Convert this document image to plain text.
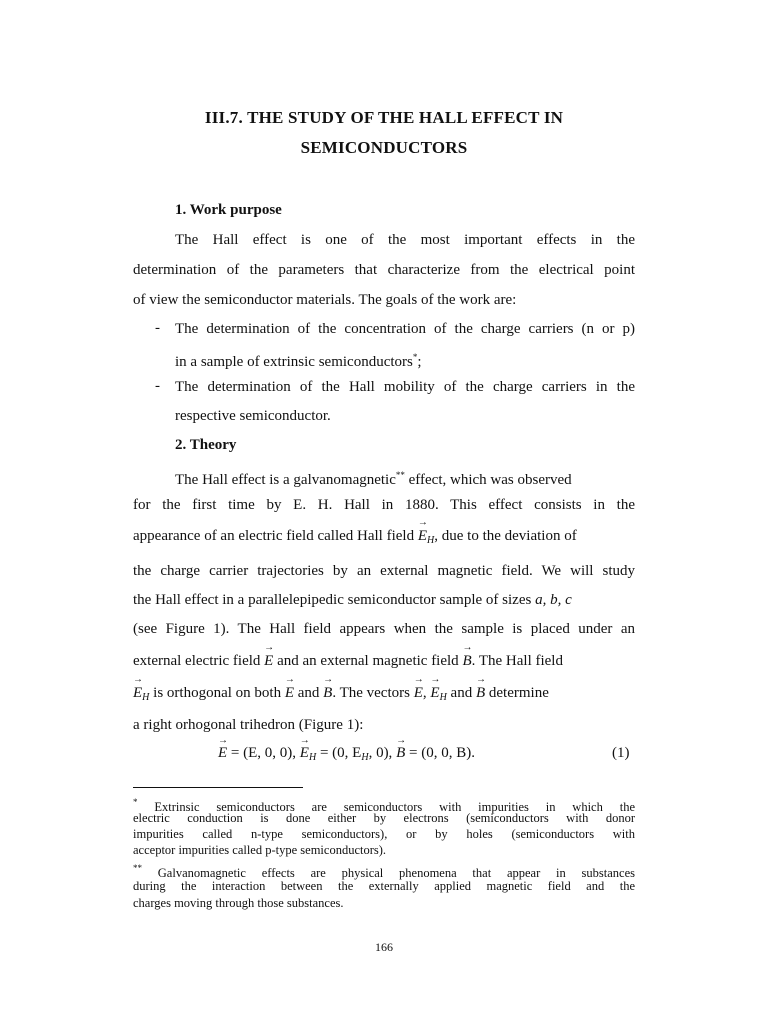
III.7. THE STUDY OF THE HALL EFFECT IN
SEMICONDUCTORS
1. Work purpose
The Hall effect is one of the most important effects in the
determination of the parameters that characterize from the electrical point
of view the semiconductor materials. The goals of the work are:
- The determination of the concentration of the charge carriers (n or p)
in a sample of extrinsic semiconductors*;
- The determination of the Hall mobility of the charge carriers in the
respective semiconductor.
2. Theory
The Hall effect is a galvanomagnetic** effect, which was observed
for the first time by E. H. Hall in 1880. This effect consists in the
appearance of an electric field called Hall field → $E_H$, due to the deviation of
the charge carrier trajectories by an external magnetic field. We will study
the Hall effect in a parallelepipedic semiconductor sample of sizes a, b, c
(see Figure 1). The Hall field appears when the sample is placed under an
external electric field → E and an external magnetic field → B. The Hall field
→ $E_H$ is orthogonal on both → E and → B. The vectors → E, → $E_H$ and → B determine
a right orhogonal trihedron (Figure 1):
→ E = (E, 0, 0), → $E_H = (0$, $E_H$, 0), → B = (0, 0, B).	(1)
* Extrinsic semiconductors are semiconductors with impurities in which the
electric conduction is done either by electrons (semiconductors with donor
impurities called n-type semiconductors), or by holes (semiconductors with
acceptor impurities called p-type semiconductors).
** Galvanomagnetic effects are physical phenomena that appear in substances
during the interaction between the externally applied magnetic field and the
charges moving through those substances.
166
